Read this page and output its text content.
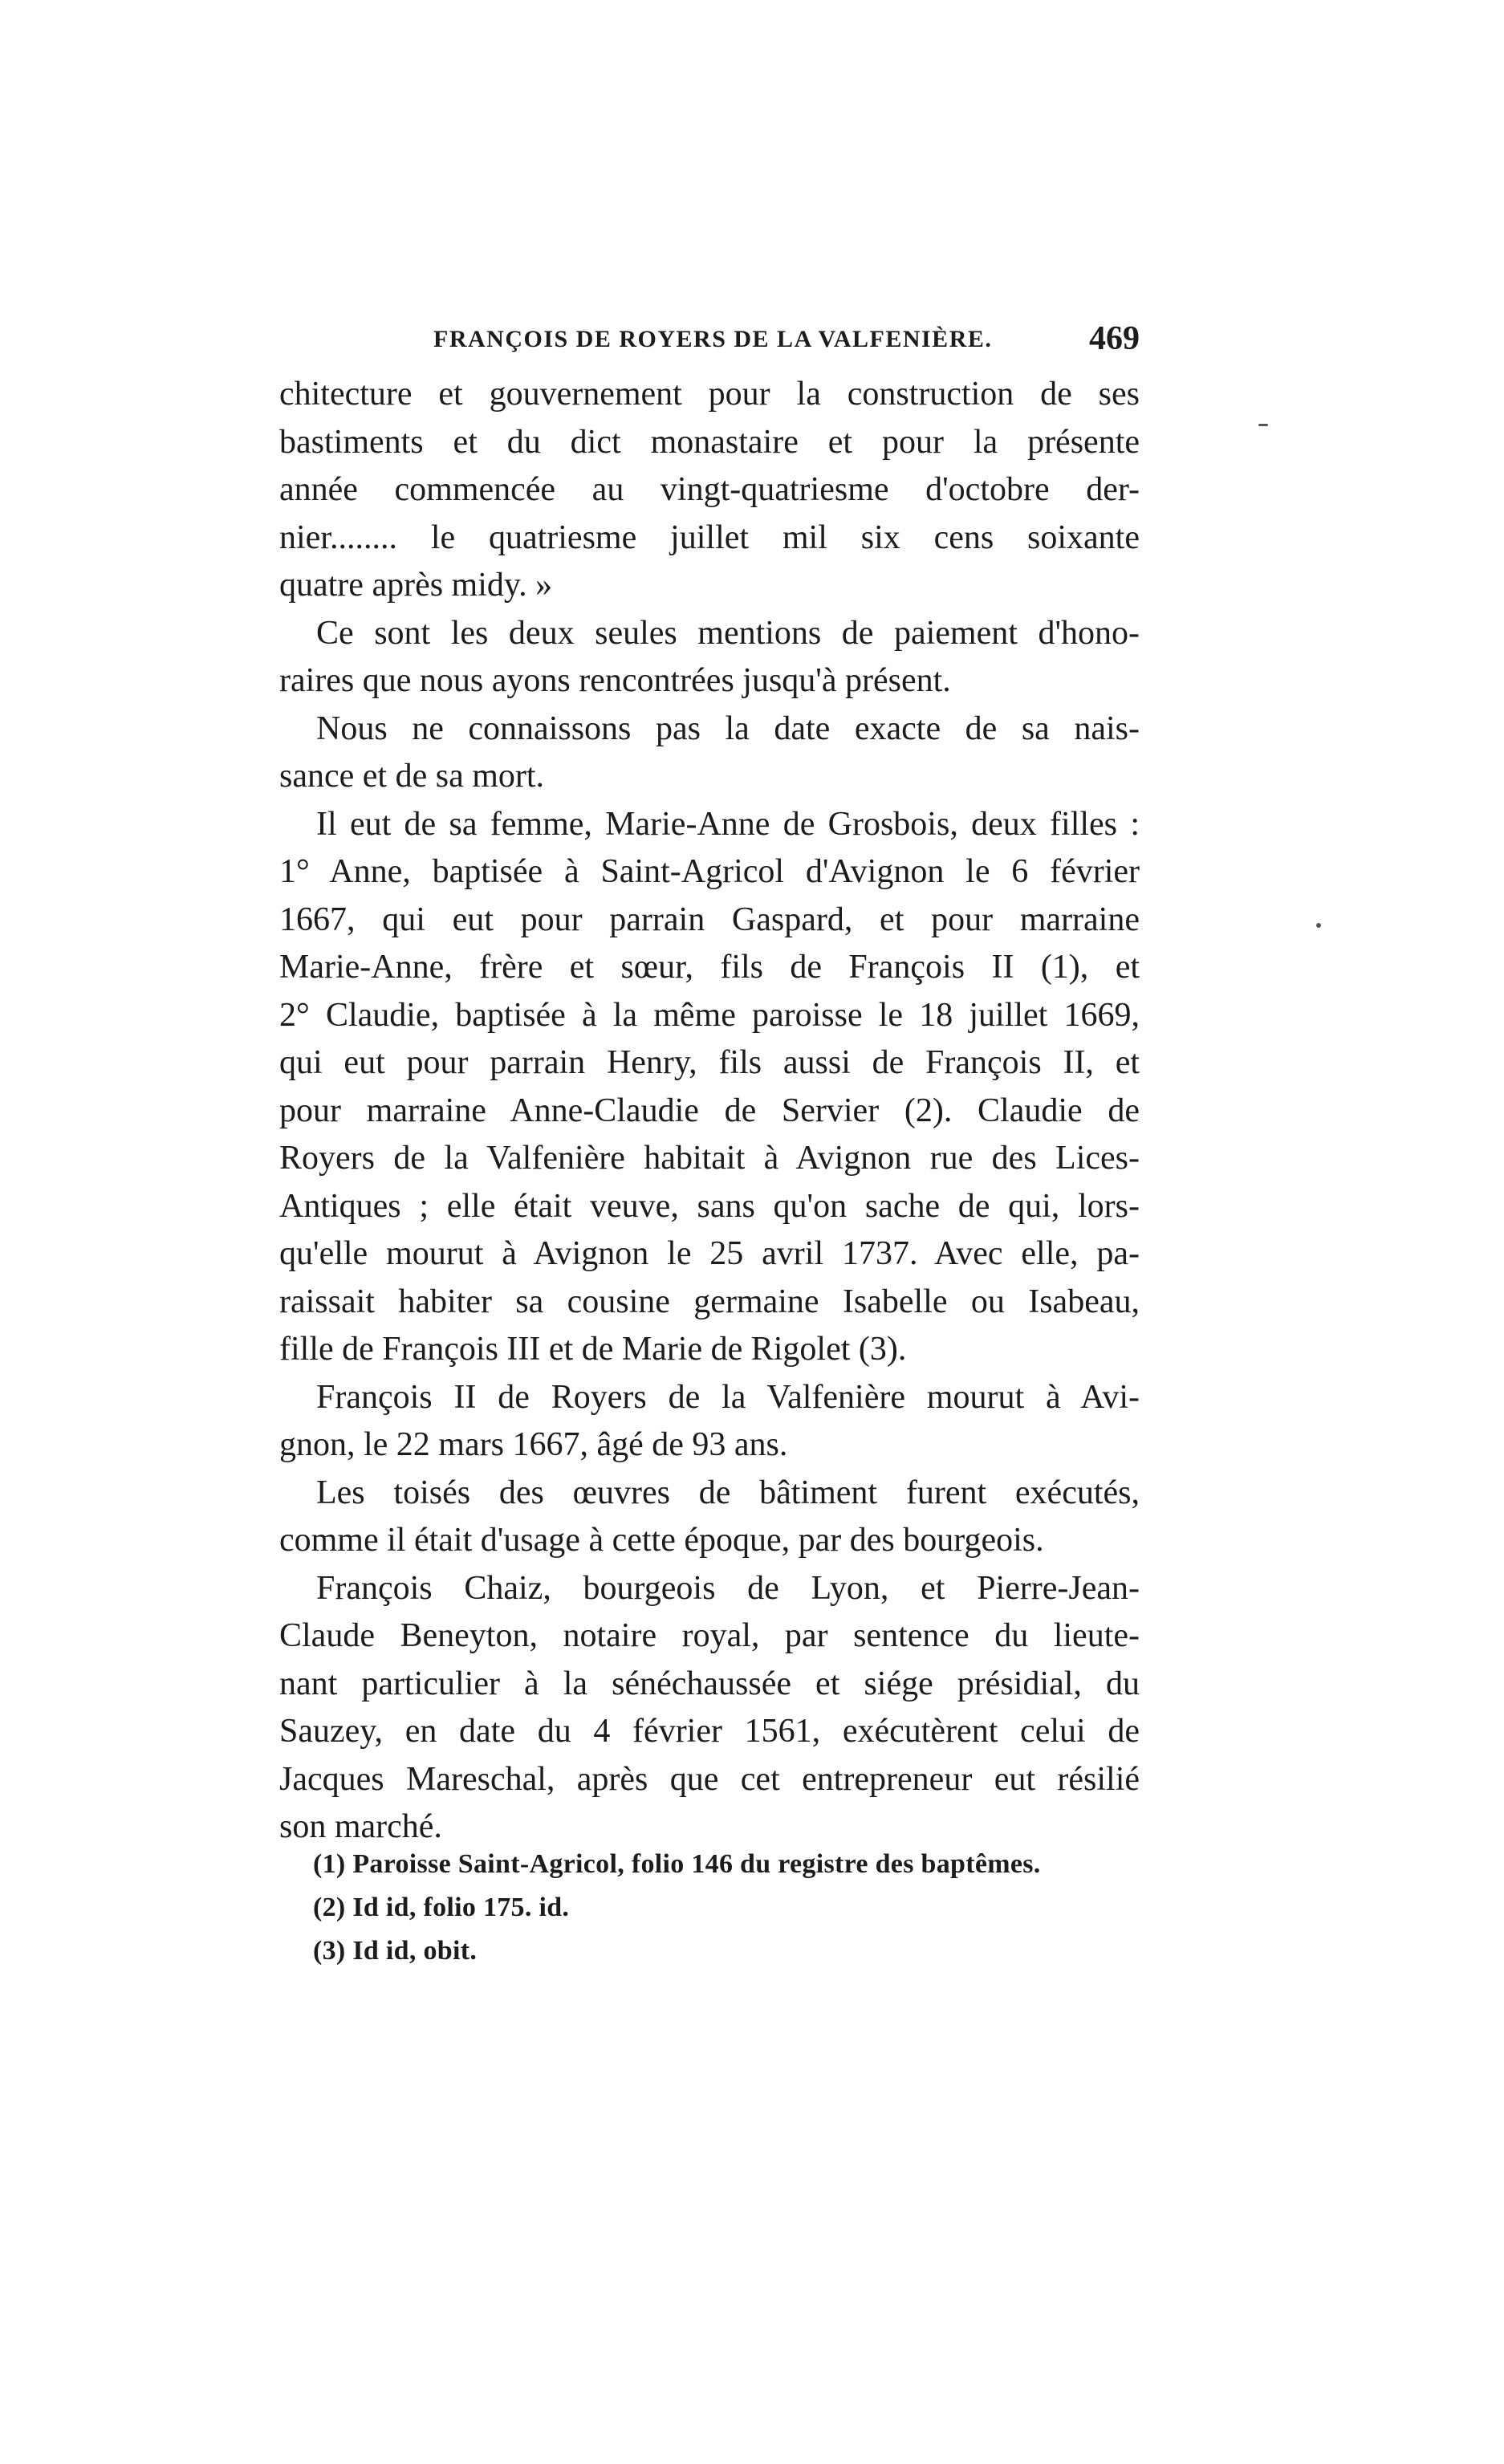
FRANÇOIS DE ROYERS DE LA VALFENIÈRE.	469
chitecture et gouvernement pour la construction de ses
bastiments et du dict monastaire et pour la présente
année commencée au vingt-quatriesme d'octobre der-
nier........ le quatriesme juillet mil six cens soixante
quatre après midy. »
Ce sont les deux seules mentions de paiement d'hono-
raires que nous ayons rencontrées jusqu'à présent.
Nous ne connaissons pas la date exacte de sa nais-
sance et de sa mort.
Il eut de sa femme, Marie-Anne de Grosbois, deux filles :
1° Anne, baptisée à Saint-Agricol d'Avignon le 6 février
1667, qui eut pour parrain Gaspard, et pour marraine
Marie-Anne, frère et sœur, fils de François II (1), et
2° Claudie, baptisée à la même paroisse le 18 juillet 1669,
qui eut pour parrain Henry, fils aussi de François II, et
pour marraine Anne-Claudie de Servier (2). Claudie de
Royers de la Valfenière habitait à Avignon rue des Lices-
Antiques ; elle était veuve, sans qu'on sache de qui, lors-
qu'elle mourut à Avignon le 25 avril 1737. Avec elle, pa-
raissait habiter sa cousine germaine Isabelle ou Isabeau,
fille de François III et de Marie de Rigolet (3).
François II de Royers de la Valfenière mourut à Avi-
gnon, le 22 mars 1667, âgé de 93 ans.
Les toisés des œuvres de bâtiment furent exécutés,
comme il était d'usage à cette époque, par des bourgeois.
François Chaiz, bourgeois de Lyon, et Pierre-Jean-
Claude Beneyton, notaire royal, par sentence du lieute-
nant particulier à la sénéchaussée et siége présidial, du
Sauzey, en date du 4 février 1561, exécutèrent celui de
Jacques Mareschal, après que cet entrepreneur eut résilié
son marché.
(1) Paroisse Saint-Agricol, folio 146 du registre des baptêmes.
(2) Id id, folio 175. id.
(3) Id id, obit.
